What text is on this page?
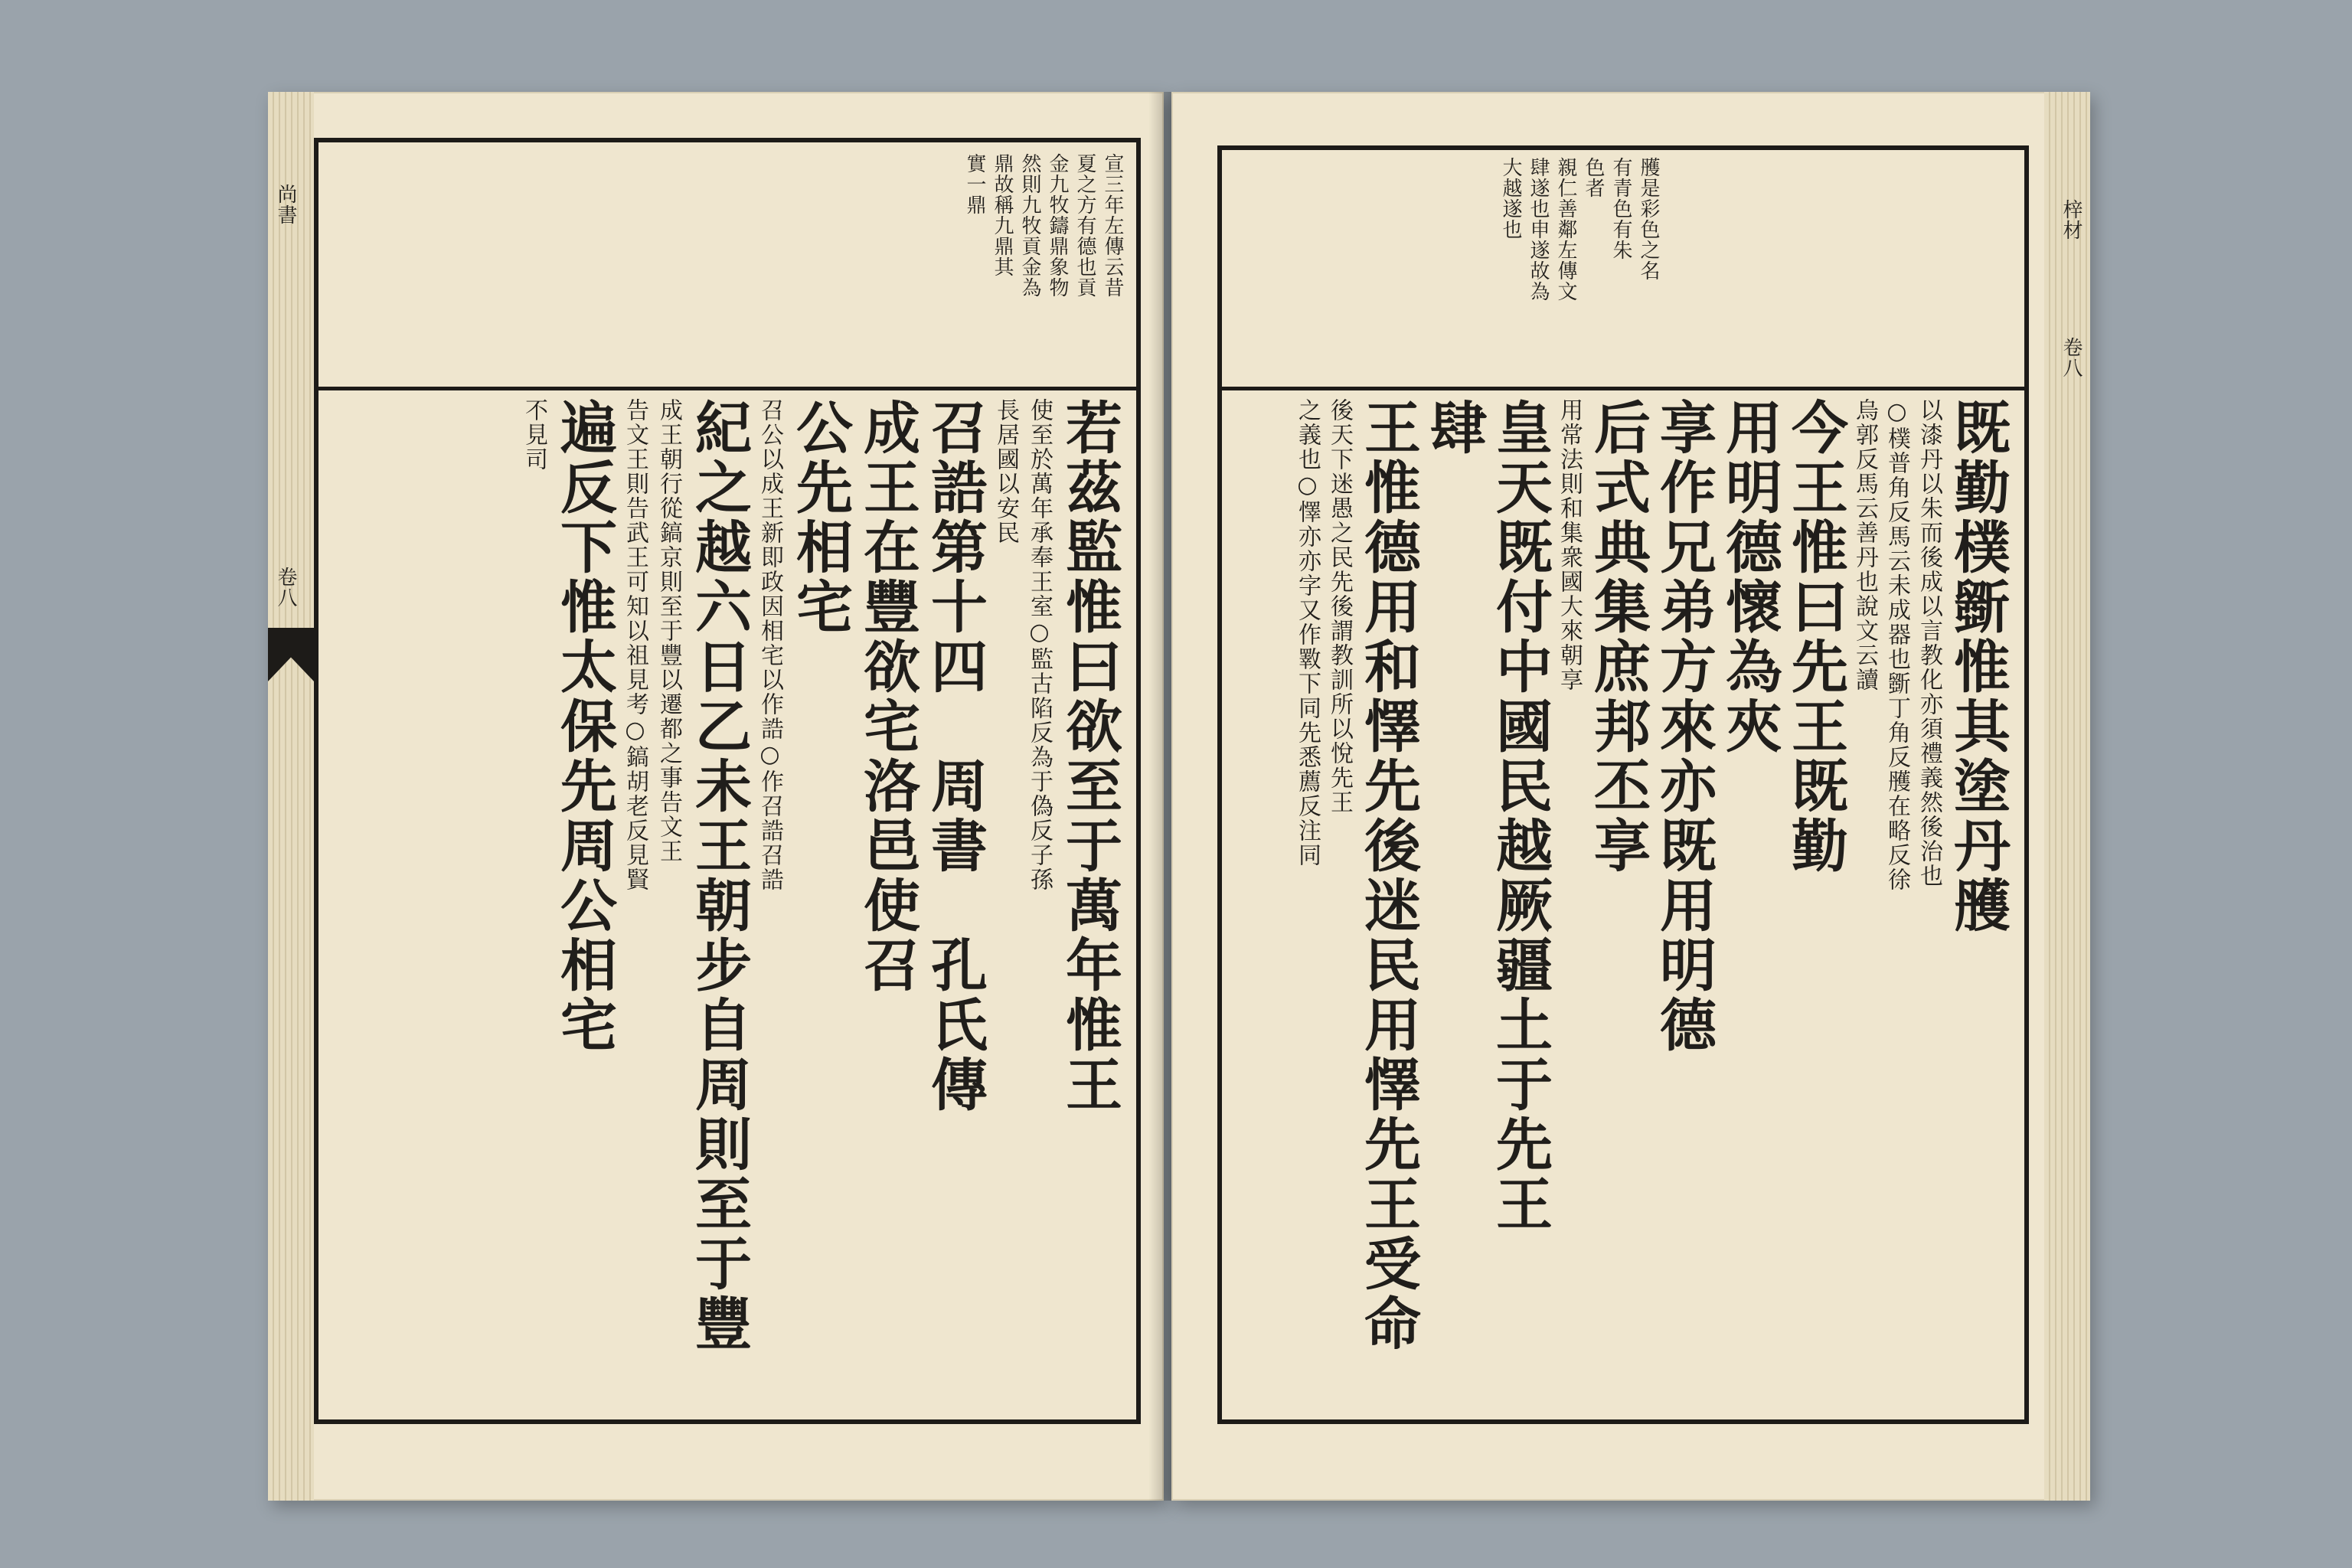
宣三年左傳云昔
夏之方有德也貢
金九牧鑄鼎象物
然則九牧貢金為
鼎故稱九鼎其
實一鼎
若茲監惟曰欲至于萬年惟王
使至於萬年承奉王室○監古陷反為于偽反子孫
長居國以安民
召誥第十四　周書　孔氏傳
成王在豐欲宅洛邑使召
公先相宅
召公以成王新即政因相宅以作誥○作召誥召誥
紀之越六日乙未王朝步自周則至于豐
成王朝行從鎬京則至于豐以遷都之事告文王
告文王則告武王可知以祖見考○鎬胡老反見賢
遍反下惟太保先周公相宅
不見司
尚書
卷八
雘是彩色之名
有青色有朱
色者
親仁善鄰左傳文
肆遂也申遂故為
大越遂也
既勤樸斵惟其塗丹雘
以漆丹以朱而後成以言教化亦須禮義然後治也
○樸普角反馬云未成器也斵丁角反雘在略反徐
烏郭反馬云善丹也說文云讀
今王惟曰先王既勤
用明德懷為夾
享作兄弟方來亦既用明德
后式典集庶邦丕享
用常法則和集衆國大來朝享
皇天既付中國民越厥疆土于先王
肆
王惟德用和懌先後迷民用懌先王受命
後天下迷愚之民先後謂教訓所以悅先王
之義也○懌亦亦字又作斁下同先悉薦反注同
梓材
卷八
